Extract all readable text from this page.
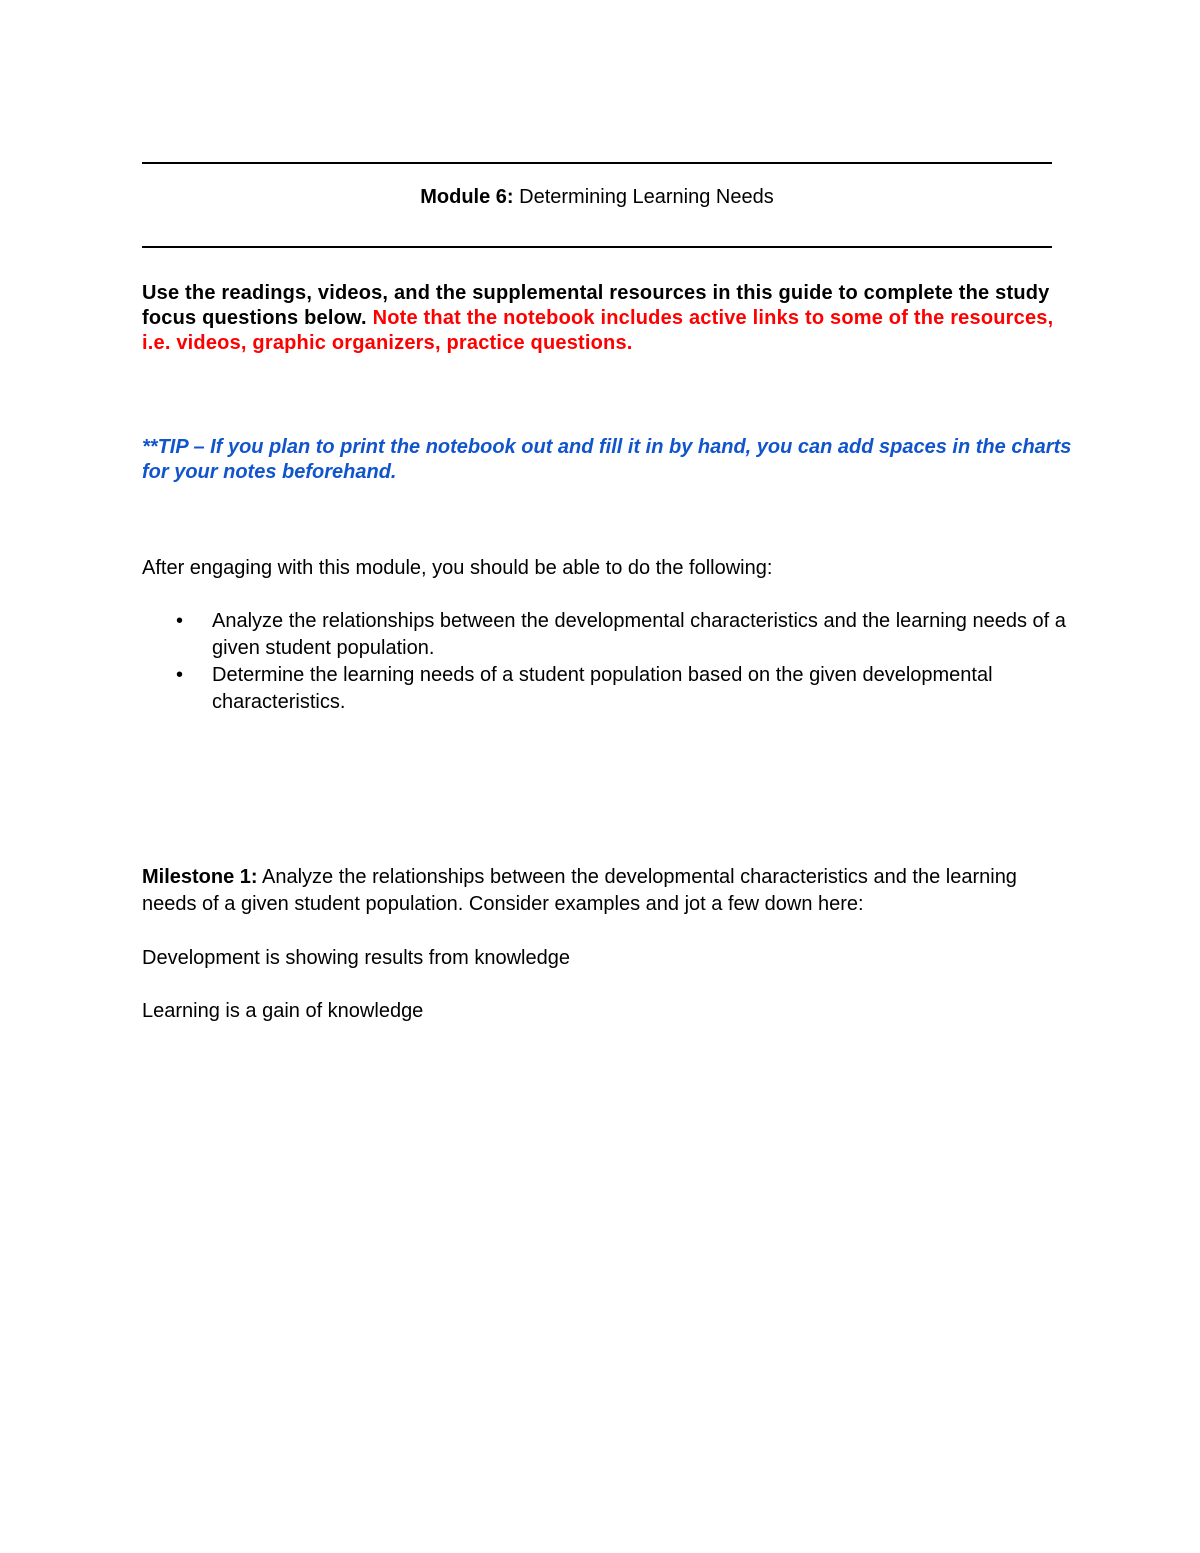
Module 6: Determining Learning Needs
Use the readings, videos, and the supplemental resources in this guide to complete the study focus questions below. Note that the notebook includes active links to some of the resources, i.e. videos, graphic organizers, practice questions.
**TIP – If you plan to print the notebook out and fill it in by hand, you can add spaces in the charts for your notes beforehand.
After engaging with this module, you should be able to do the following:
• Analyze the relationships between the developmental characteristics and the learning needs of a given student population.
• Determine the learning needs of a student population based on the given developmental characteristics.
Milestone 1: Analyze the relationships between the developmental characteristics and the learning needs of a given student population. Consider examples and jot a few down here:
Development is showing results from knowledge
Learning is a gain of knowledge
